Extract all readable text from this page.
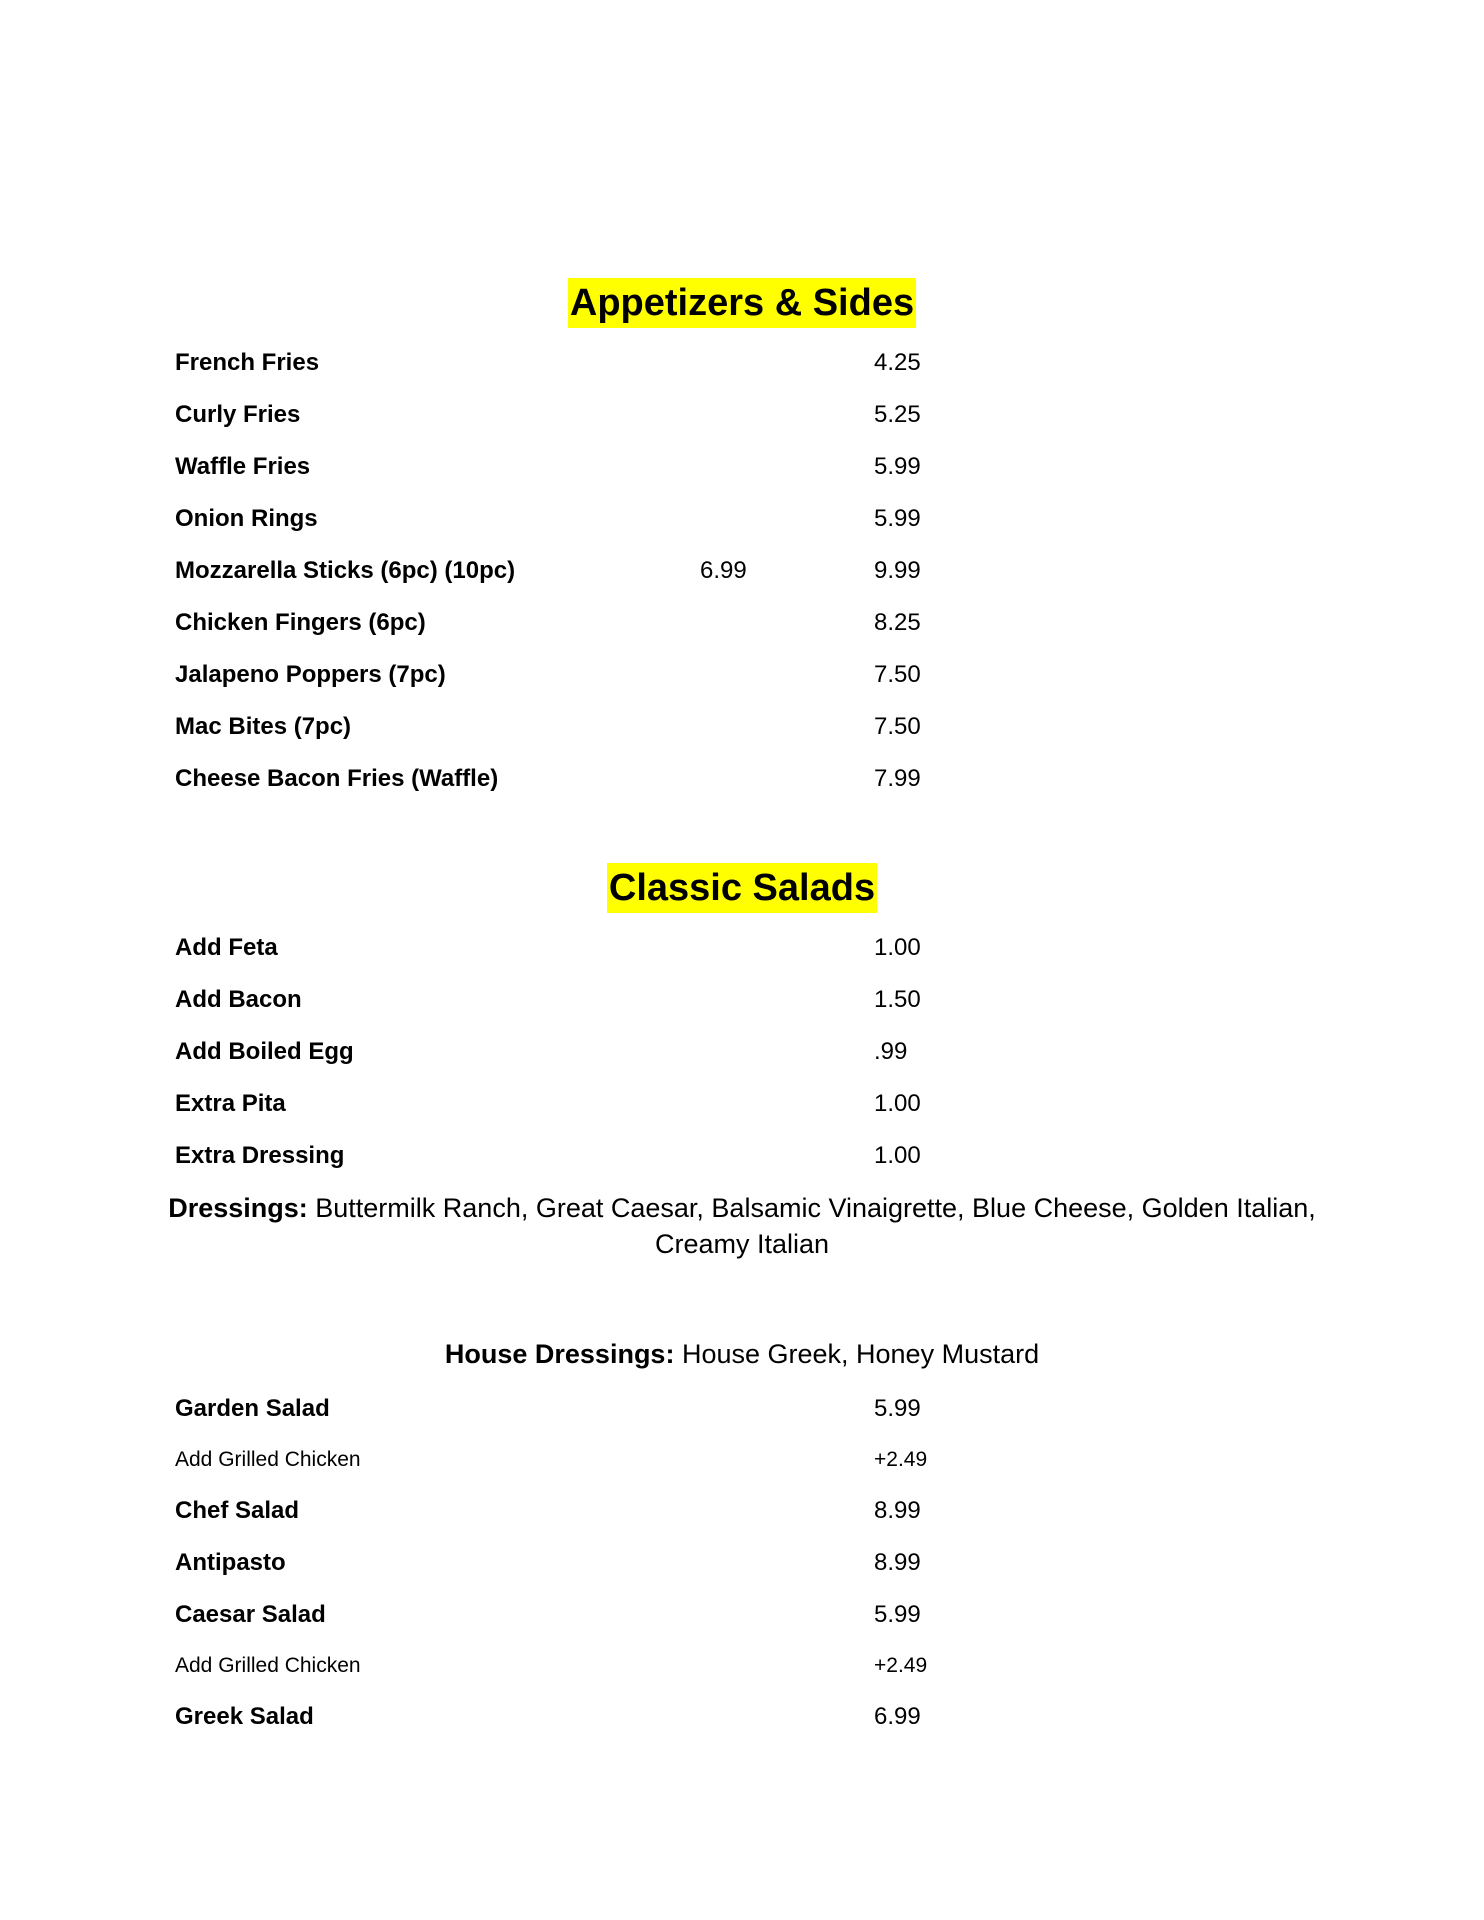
Appetizers & Sides
French Fries	4.25
Curly Fries	5.25
Waffle Fries	5.99
Onion Rings	5.99
Mozzarella Sticks (6pc) (10pc)	6.99	9.99
Chicken Fingers (6pc)	8.25
Jalapeno Poppers (7pc)	7.50
Mac Bites (7pc)	7.50
Cheese Bacon Fries (Waffle)	7.99
Classic Salads
Add Feta	1.00
Add Bacon	1.50
Add Boiled Egg	.99
Extra Pita	1.00
Extra Dressing	1.00
Dressings: Buttermilk Ranch, Great Caesar, Balsamic Vinaigrette, Blue Cheese, Golden Italian, Creamy Italian
House Dressings: House Greek, Honey Mustard
Garden Salad	5.99
Add Grilled Chicken	+2.49
Chef Salad	8.99
Antipasto	8.99
Caesar Salad	5.99
Add Grilled Chicken	+2.49
Greek Salad	6.99
